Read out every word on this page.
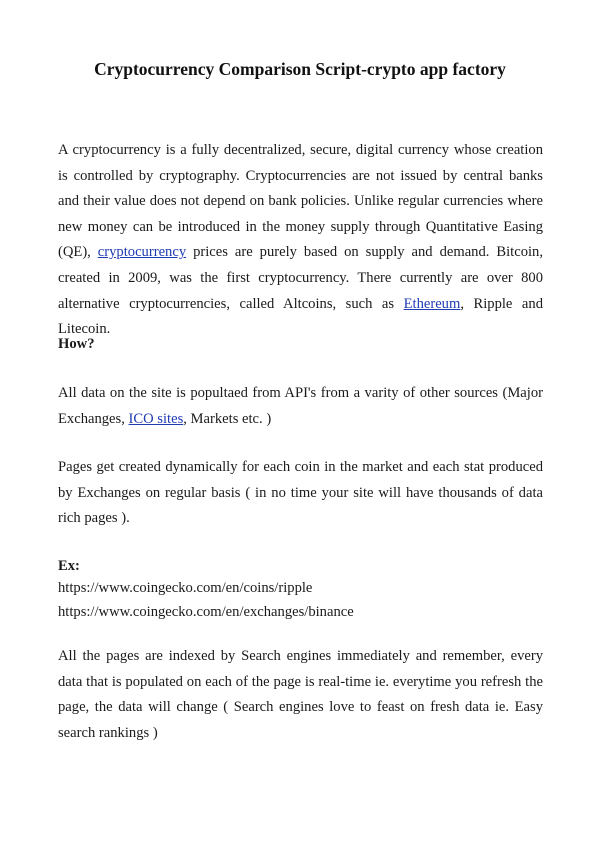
Cryptocurrency Comparison Script-crypto app factory

A cryptocurrency is a fully decentralized, secure, digital currency whose creation is controlled by cryptography. Cryptocurrencies are not issued by central banks and their value does not depend on bank policies. Unlike regular currencies where new money can be introduced in the money supply through Quantitative Easing (QE), cryptocurrency prices are purely based on supply and demand. Bitcoin, created in 2009, was the first cryptocurrency. There currently are over 800 alternative cryptocurrencies, called Altcoins, such as Ethereum, Ripple and Litecoin.

How?

All data on the site is popultaed from API's from a varity of other sources (Major Exchanges, ICO sites, Markets etc. )

Pages get created dynamically for each coin in the market and each stat produced by Exchanges on regular basis ( in no time your site will have thousands of data rich pages ).

Ex:

https://www.coingecko.com/en/coins/ripple

https://www.coingecko.com/en/exchanges/binance

All the pages are indexed by Search engines immediately and remember, every data that is populated on each of the page is real-time ie. everytime you refresh the page, the data will change ( Search engines love to feast on fresh data ie. Easy search rankings )
